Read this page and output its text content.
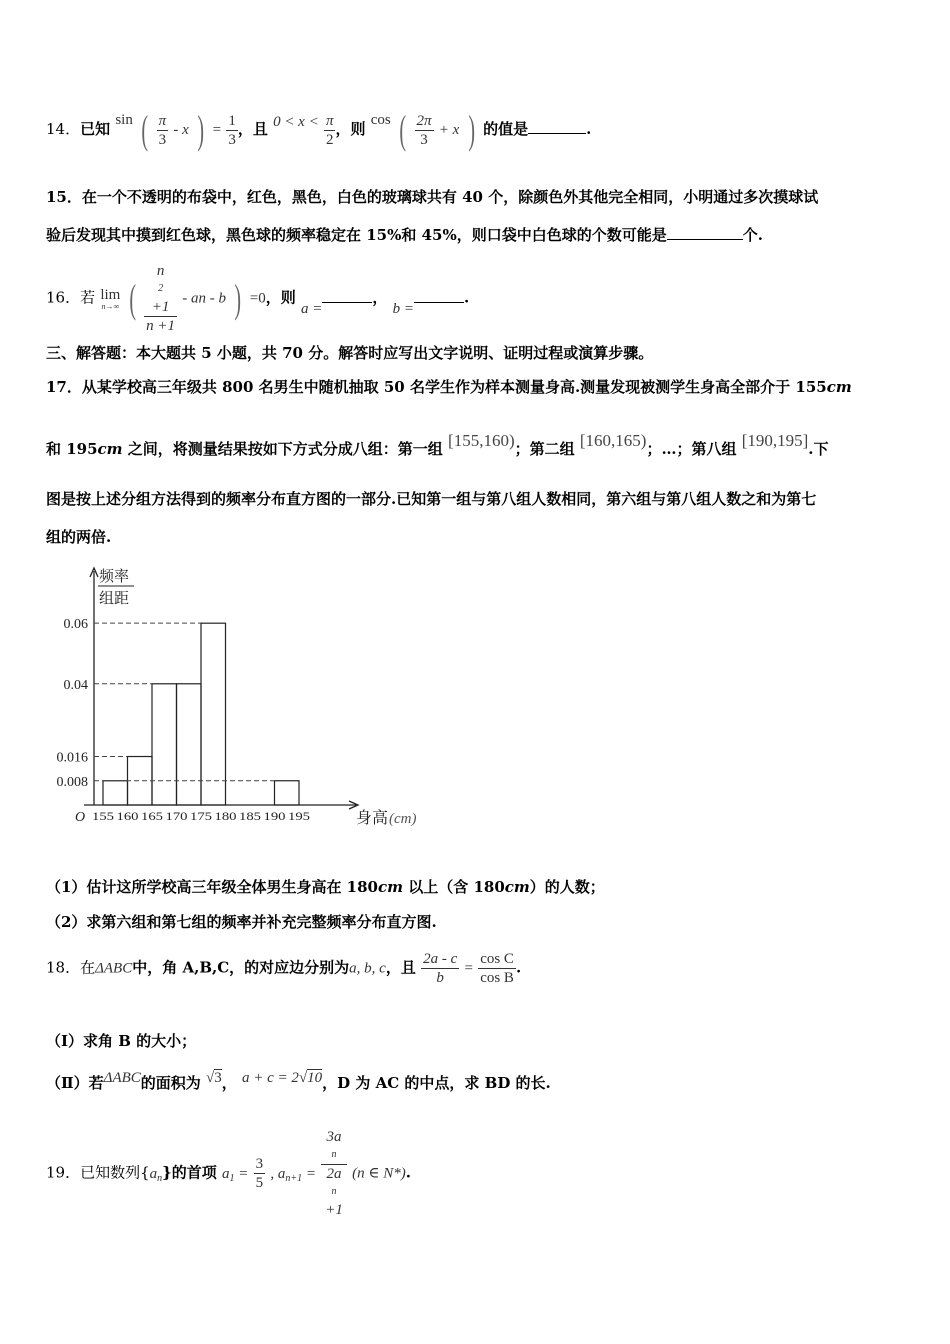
14．已知 sin ( $\frac{\pi}{3}$ - x ) = $\frac{1}{3}$ ，且 $0 < x < \frac{\pi}{2}$ ，则 cos ( $\frac{2\pi}{3} + x$ ) 的值是	.
15．在一个不透明的布袋中，红色，黑色，白色的玻璃球共有 40 个，除颜色外其他完全相同，小明通过多次摸球试
验后发现其中摸到红色球，黑色球的频率稳定在 15%和 45%，则口袋中白色球的个数可能是	个.
16．若 lim
n→∞ ( n
2
+1
n +1 - an - b ) =0，则 a =， b =.
三、解答题：本大题共 5 小题，共 70 分。解答时应写出文字说明、证明过程或演算步骤。
17．从某学校高三年级共 800 名男生中随机抽取 50 名学生作为样本测量身高.测量发现被测学生身高全部介于 155cm
和 195cm 之间，将测量结果按如下方式分成八组：第一组 [155,160)；第二组 [160,165)；…；第八组 [190,195].下
图是按上述分组方法得到的频率分布直方图的一部分.已知第一组与第八组人数相同，第六组与第八组人数之和为第七
组的两倍.
频率
组距
O
0.008
0.016
0.04
0.06
155 160 165 170 175 180 185 190 195	身高 (cm)
（1）估计这所学校高三年级全体男生身高在 180cm 以上（含 180cm）的人数；
（2）求第六组和第七组的频率并补充完整频率分布直方图.
18．在ΔABC中，角 A,B,C，的对应边分别为a, b, c，且 $\frac{2a - c}{b} = \frac{\text{cos C}}{\text{cos B}}$ .
（Ⅰ）求角 B 的大小；
（Ⅱ）若ΔABC的面积为 √3， a + c = 2√10，D 为 AC 的中点，求 BD 的长.
19．已知数列$\{a_n\}$的首项 $a_1 = \frac{3}{5}$ , $a_{n+1} = 3a$
n
2a
n
+1 (n ∈ N*).
